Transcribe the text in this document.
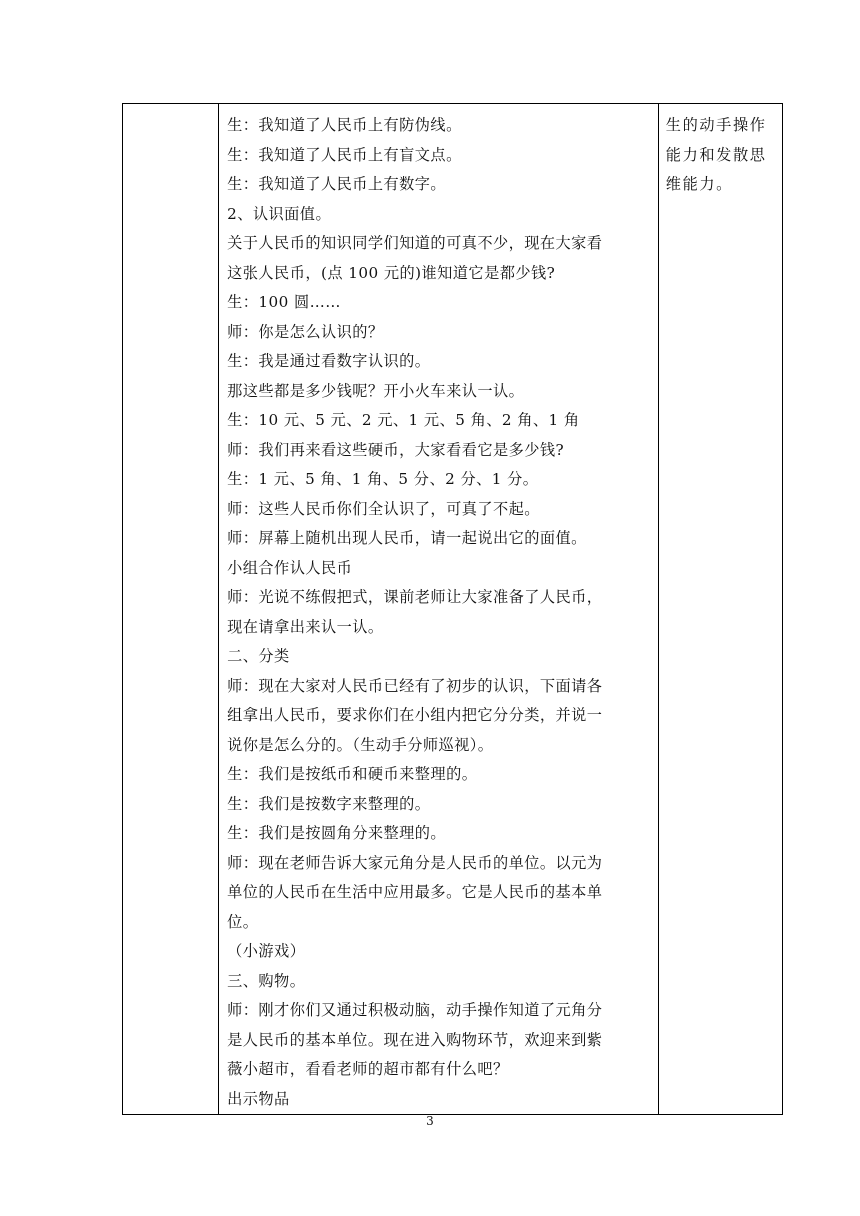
生：我知道了人民币上有防伪线。
生：我知道了人民币上有盲文点。
生：我知道了人民币上有数字。
2、认识面值。
关于人民币的知识同学们知道的可真不少，现在大家看
这张人民币，(点 100 元的)谁知道它是都少钱?
生：100 圆……
师：你是怎么认识的？
生：我是通过看数字认识的。
那这些都是多少钱呢？开小火车来认一认。
生：10 元、5 元、2 元、1 元、5 角、2 角、1 角
师：我们再来看这些硬币，大家看看它是多少钱?
生：1 元、5 角、1 角、5 分、2 分、1 分。
师：这些人民币你们全认识了，可真了不起。
师：屏幕上随机出现人民币，请一起说出它的面值。
小组合作认人民币
师：光说不练假把式，课前老师让大家准备了人民币，
现在请拿出来认一认。
二、分类
师：现在大家对人民币已经有了初步的认识，下面请各
组拿出人民币，要求你们在小组内把它分分类，并说一
说你是怎么分的。（生动手分师巡视）。
生：我们是按纸币和硬币来整理的。
生：我们是按数字来整理的。
生：我们是按圆角分来整理的。
师：现在老师告诉大家元角分是人民币的单位。以元为
单位的人民币在生活中应用最多。它是人民币的基本单
位。
（小游戏）
三、购物。
师：刚才你们又通过积极动脑，动手操作知道了元角分
是人民币的基本单位。现在进入购物环节，欢迎来到紫
薇小超市，看看老师的超市都有什么吧？
出示物品

生的动手操作
能力和发散思
维能力。
3
